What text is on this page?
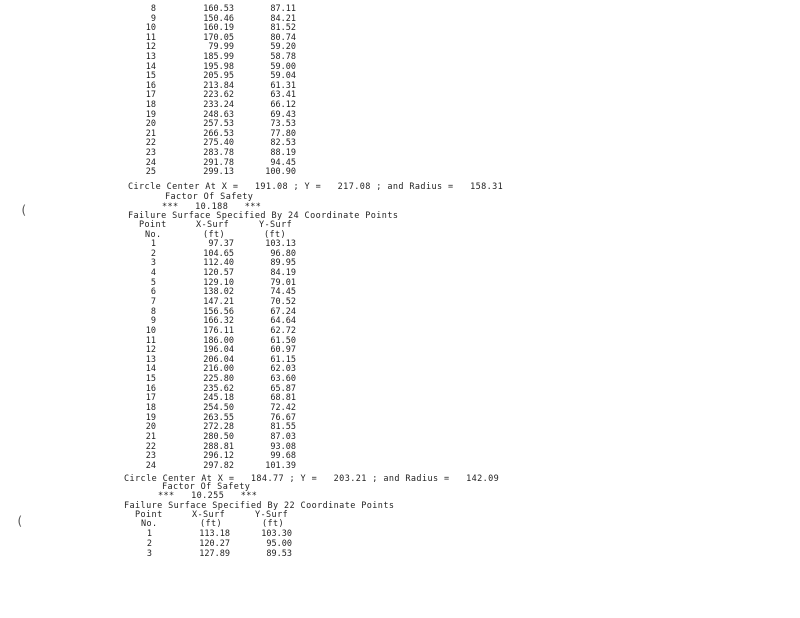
(
(
8	160.53	87.11
9	150.46	84.21
10	160.19	81.52
11	170.05	80.74
12	79.99	59.20
13	185.99	58.78
14	195.98	59.00
15	205.95	59.04
16	213.84	61.31
17	223.62	63.41
18	233.24	66.12
19	248.63	69.43
20	257.53	73.53
21	266.53	77.80
22	275.40	82.53
23	283.78	88.19
24	291.78	94.45
25	299.13	100.90
Circle Center At X =   191.08 ; Y =   217.08 ; and Radius =   158.31
Factor Of Safety
***   10.188   ***
Failure Surface Specified By 24 Coordinate Points
Point	X-Surf	Y-Surf
No.	(ft)	(ft)
1	97.37	103.13
2	104.65	96.80
3	112.40	89.95
4	120.57	84.19
5	129.10	79.01
6	138.02	74.45
7	147.21	70.52
8	156.56	67.24
9	166.32	64.64
10	176.11	62.72
11	186.00	61.50
12	196.04	60.97
13	206.04	61.15
14	216.00	62.03
15	225.80	63.60
16	235.62	65.87
17	245.18	68.81
18	254.50	72.42
19	263.55	76.67
20	272.28	81.55
21	280.50	87.03
22	288.81	93.08
23	296.12	99.68
24	297.82	101.39
Circle Center At X =   184.77 ; Y =   203.21 ; and Radius =   142.09
Factor Of Safety
***   10.255   ***
Failure Surface Specified By 22 Coordinate Points
Point	X-Surf	Y-Surf
No.	(ft)	(ft)
1	113.18	103.30
2	120.27	95.00
3	127.89	89.53
